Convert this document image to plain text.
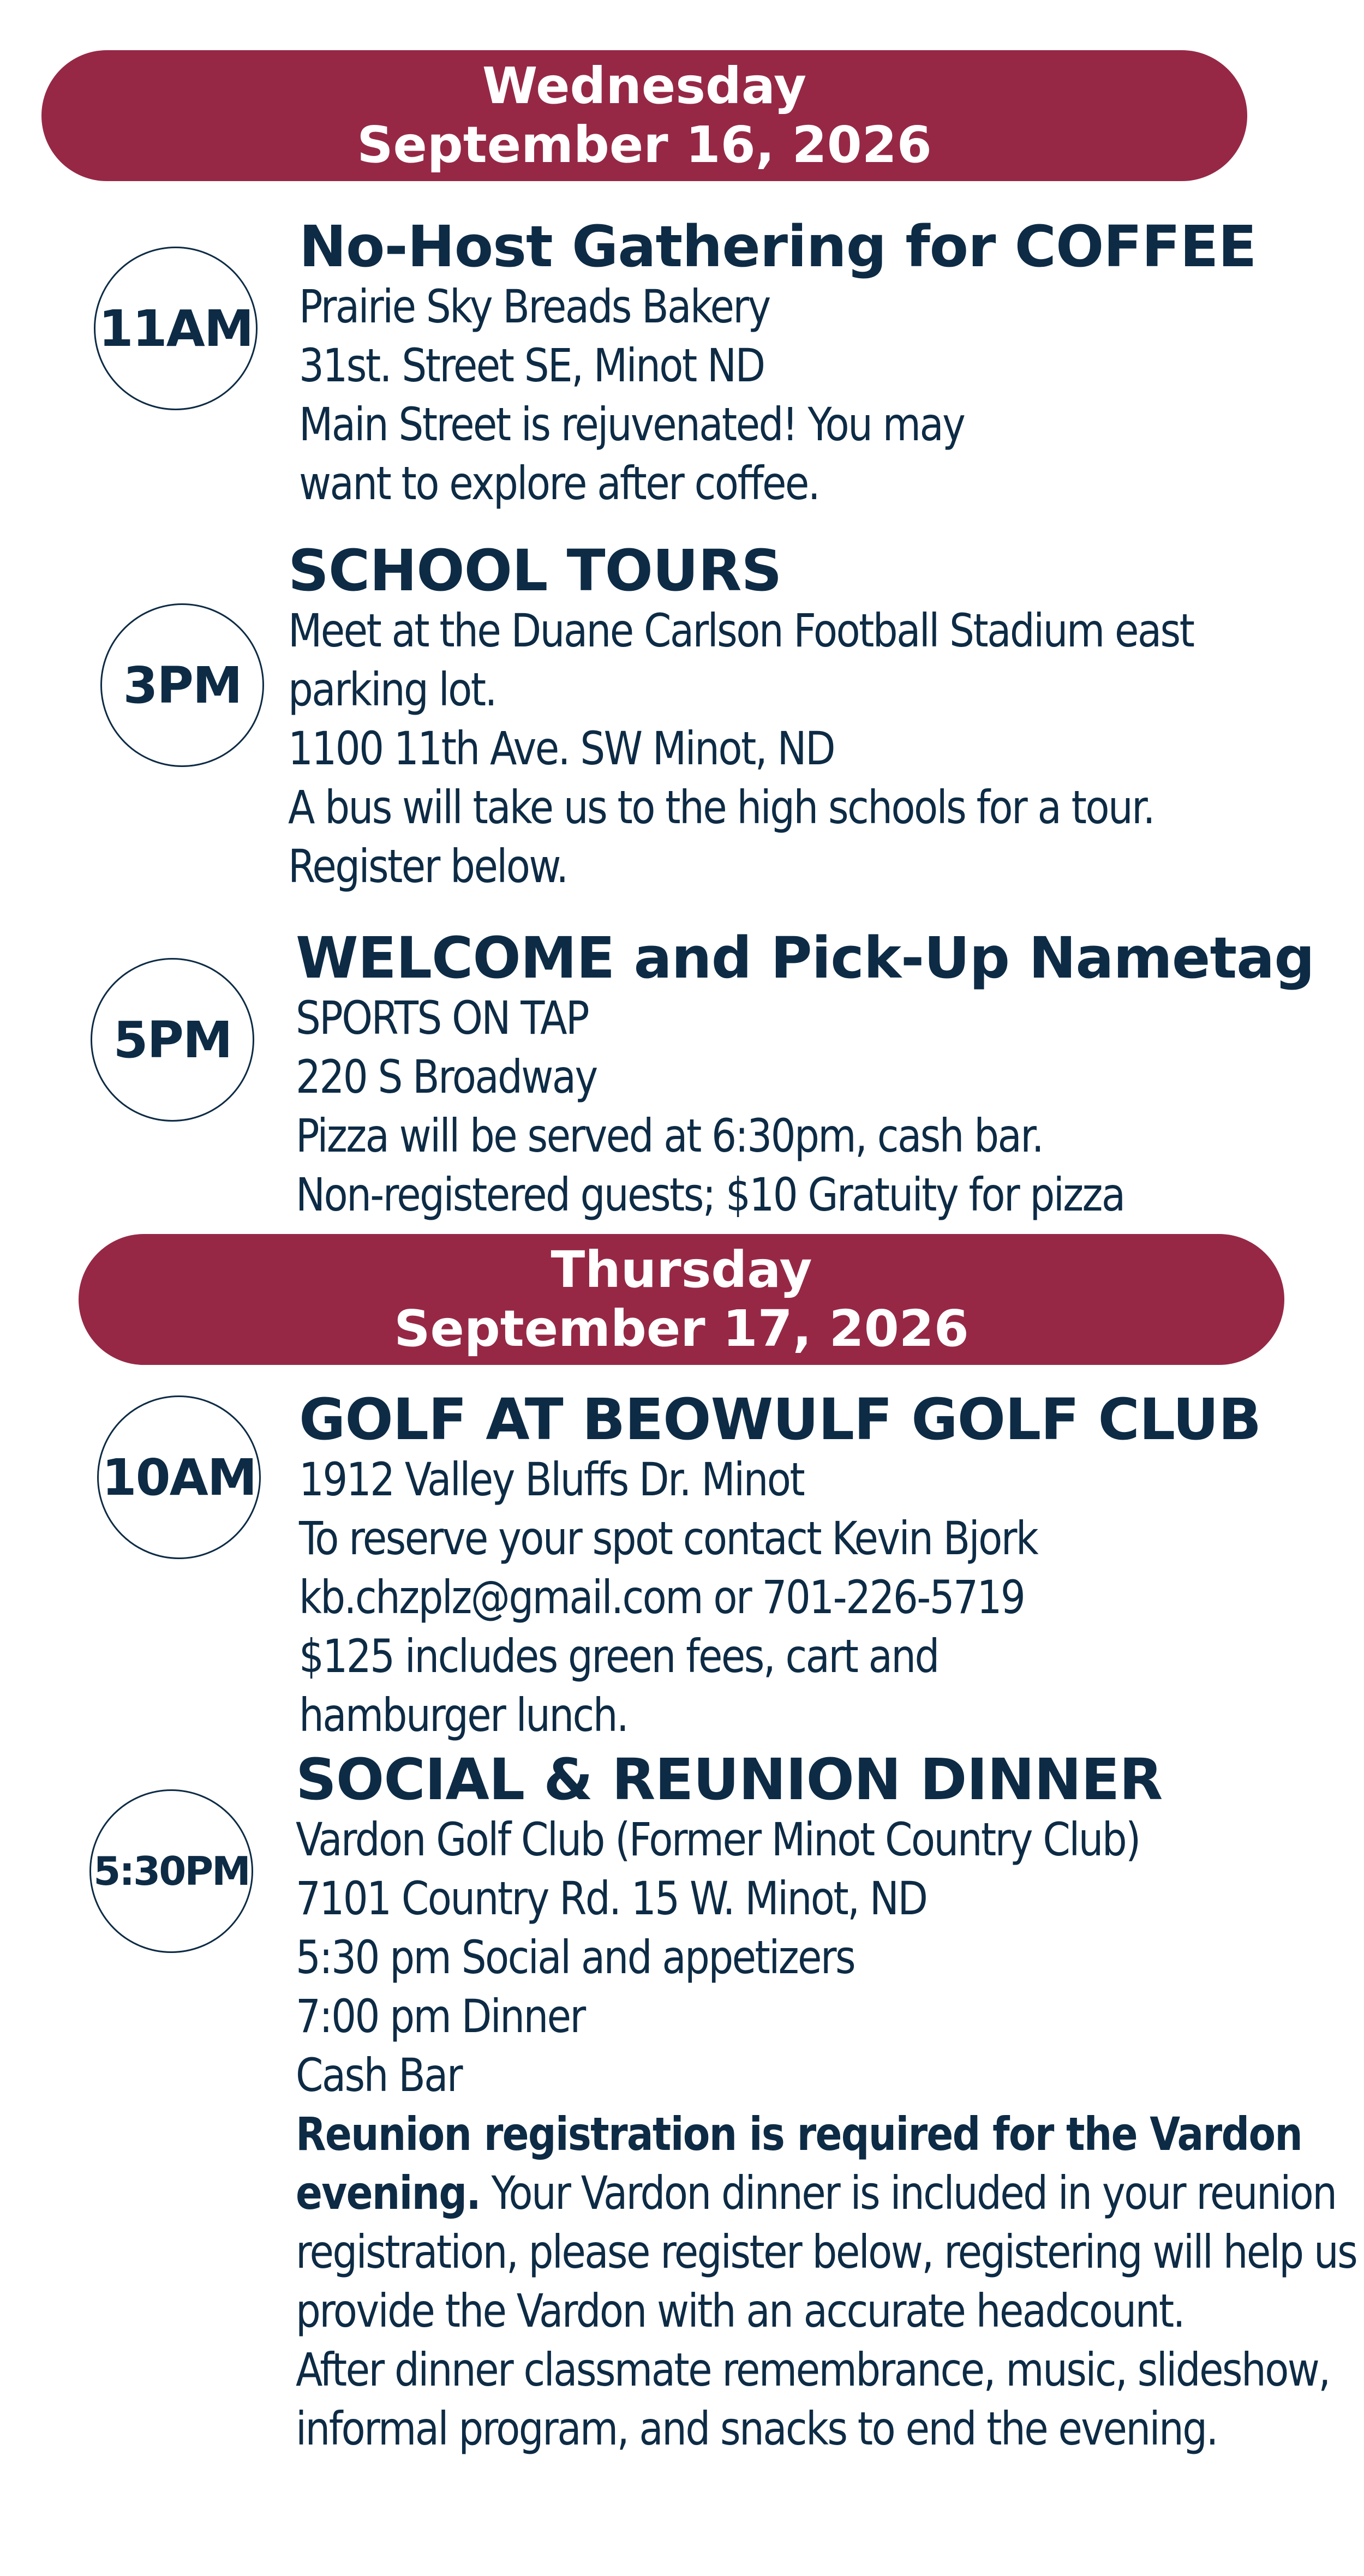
Wednesday
September 16, 2026
11AM
No-Host Gathering for COFFEE
Prairie Sky Breads Bakery
31st. Street SE, Minot ND
Main Street is rejuvenated! You may
want to explore after coffee.
3PM
SCHOOL TOURS
Meet at the Duane Carlson Football Stadium east
parking lot.
1100 11th Ave. SW Minot, ND
A bus will take us to the high schools for a tour.
Register below.
5PM
WELCOME and Pick-Up Nametag
SPORTS ON TAP
220 S Broadway
Pizza will be served at 6:30pm, cash bar.
Non-registered guests; $10 Gratuity for pizza
Thursday
September 17, 2026
10AM
GOLF AT BEOWULF GOLF CLUB
1912 Valley Bluffs Dr. Minot
To reserve your spot contact Kevin Bjork
kb.chzplz@gmail.com or 701-226-5719
$125 includes green fees, cart and
hamburger lunch.
5:30PM
SOCIAL & REUNION DINNER
Vardon Golf Club (Former Minot Country Club)
7101 Country Rd. 15 W. Minot, ND
5:30 pm Social and appetizers
7:00 pm Dinner
Cash Bar
Reunion registration is required for the Vardon evening. Your Vardon dinner is included in your reunion registration, please register below, registering will help us provide the Vardon with an accurate headcount.
After dinner classmate remembrance, music, slideshow, informal program, and snacks to end the evening.
